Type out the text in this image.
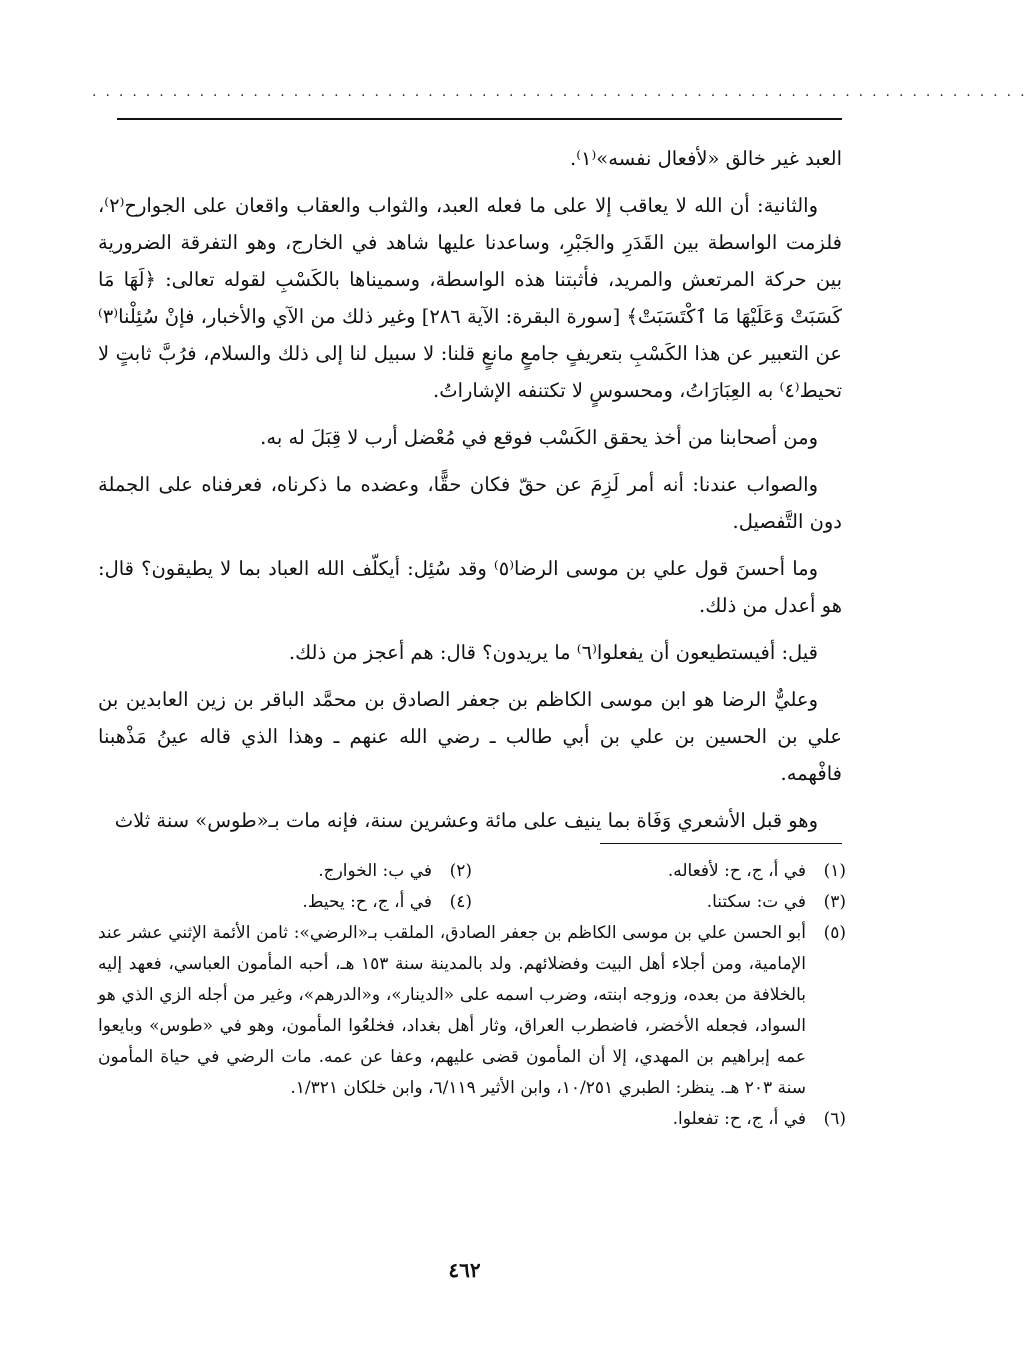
......................................................................

العبد غير خالق «لأفعال نفسه»⁽١⁾.

والثانية: أن الله لا يعاقب إلا على ما فعله العبد، والثواب والعقاب واقعان على الجوارح⁽٢⁾، فلزمت الواسطة بين القَدَرِ والجَبْرِ، وساعدنا عليها شاهد في الخارج، وهو التفرقة الضرورية بين حركة المرتعش والمريد، فأثبتنا هذه الواسطة، وسميناها بالكَسْبِ لقوله تعالى: ﴿لَهَا مَا كَسَبَتْ وَعَلَيْهَا مَا ٱكْتَسَبَتْ﴾ [سورة البقرة: الآية ٢٨٦] وغير ذلك من الآي والأخبار، فإنْ سُئِلْنا⁽٣⁾ عن التعبير عن هذا الكَسْبِ بتعريفٍ جامعٍ مانعٍ قلنا: لا سبيل لنا إلى ذلك والسلام، فرُبَّ ثابتٍ لا تحيط⁽٤⁾ به العِبَارَاتُ، ومحسوسٍ لا تكتنفه الإشاراتُ.

ومن أصحابنا من أخذ يحقق الكَسْب فوقع في مُعْضل أرب لا قِبَلَ له به.

والصواب عندنا: أنه أمر لَزِمَ عن حقّ فكان حقًّا، وعضده ما ذكرناه، فعرفناه على الجملة دون التَّفصيل.

وما أحسنَ قول علي بن موسى الرضا⁽٥⁾ وقد سُئِل: أيكلّف الله العباد بما لا يطيقون؟ قال: هو أعدل من ذلك.

قيل: أفيستطيعون أن يفعلوا⁽٦⁾ ما يريدون؟ قال: هم أعجز من ذلك.

وعليٌّ الرضا هو ابن موسى الكاظم بن جعفر الصادق بن محمَّد الباقر بن زين العابدين بن علي بن الحسين بن علي بن أبي طالب ـ رضي الله عنهم ـ وهذا الذي قاله عينُ مَذْهبنا فافْهمه.

وهو قبل الأشعري وَفَاة بما ينيف على مائة وعشرين سنة، فإنه مات بـ«طوس» سنة ثلاث

(١)
في أ، ج، ح: لأفعاله.
(٢)
في ب: الخوارج.
(٣)
في ت: سكتنا.
(٤)
في أ، ج، ح: يحيط.
(٥)
أبو الحسن علي بن موسى الكاظم بن جعفر الصادق، الملقب بـ«الرضي»: ثامن الأئمة الإثني عشر عند الإمامية، ومن أجلاء أهل البيت وفضلائهم. ولد بالمدينة سنة ١٥٣ هـ، أحبه المأمون العباسي، فعهد إليه بالخلافة من بعده، وزوجه ابنته، وضرب اسمه على «الدينار»، و«الدرهم»، وغير من أجله الزي الذي هو السواد، فجعله الأخضر، فاضطرب العراق، وثار أهل بغداد، فخلعُوا المأمون، وهو في «طوس» وبايعوا عمه إبراهيم بن المهدي، إلا أن المأمون قضى عليهم، وعفا عن عمه. مات الرضي في حياة المأمون سنة ٢٠٣ هـ. ينظر: الطبري ١٠/٢٥١، وابن الأثير ٦/١١٩، وابن خلكان ١/٣٢١.
(٦)
في أ، ج، ح: تفعلوا.
٤٦٢
